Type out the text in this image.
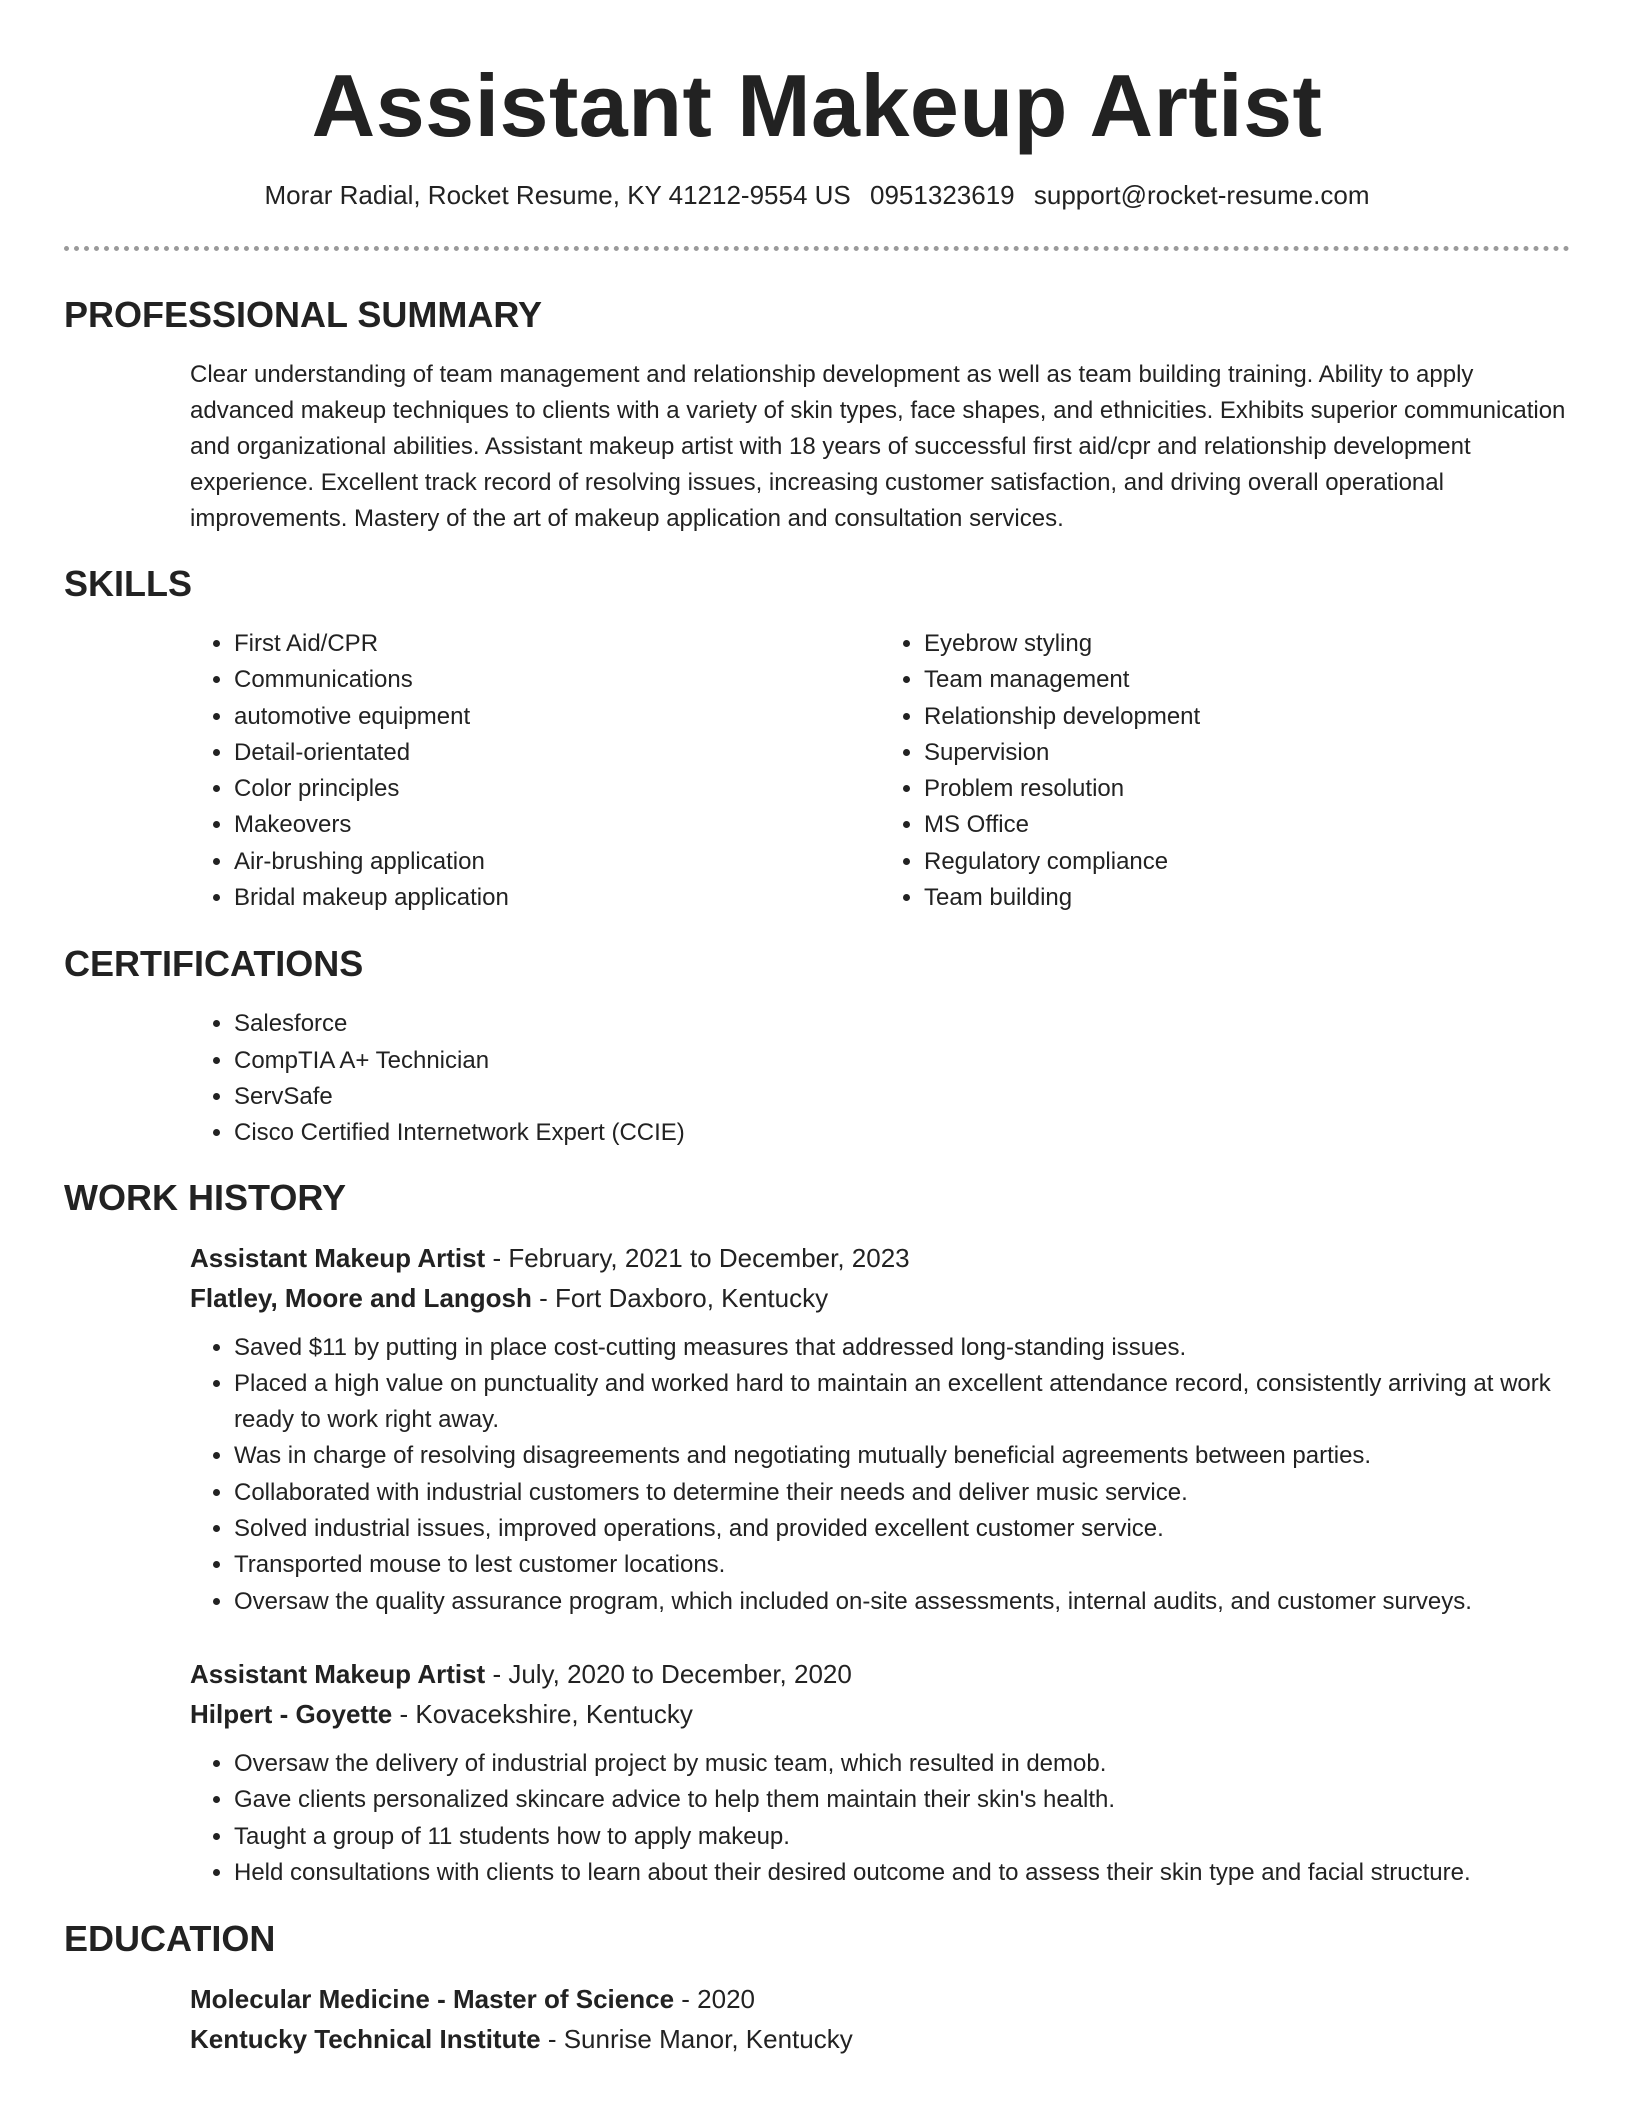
Assistant Makeup Artist
Morar Radial, Rocket Resume, KY 41212-9554 US 0951323619 support@rocket-resume.com
PROFESSIONAL SUMMARY

Clear understanding of team management and relationship development as well as team building training. Ability to apply advanced makeup techniques to clients with a variety of skin types, face shapes, and ethnicities. Exhibits superior communication and organizational abilities. Assistant makeup artist with 18 years of successful first aid/cpr and relationship development experience. Excellent track record of resolving issues, increasing customer satisfaction, and driving overall operational improvements. Mastery of the art of makeup application and consultation services.

SKILLS
• First Aid/CPR
• Communications
• automotive equipment
• Detail-orientated
• Color principles
• Makeovers
• Air-brushing application
• Bridal makeup application
• Eyebrow styling
• Team management
• Relationship development
• Supervision
• Problem resolution
• MS Office
• Regulatory compliance
• Team building
CERTIFICATIONS
• Salesforce
• CompTIA A+ Technician
• ServSafe
• Cisco Certified Internetwork Expert (CCIE)
WORK HISTORY
Assistant Makeup Artist - February, 2021 to December, 2023
Flatley, Moore and Langosh - Fort Daxboro, Kentucky
• Saved $11 by putting in place cost-cutting measures that addressed long-standing issues.
• Placed a high value on punctuality and worked hard to maintain an excellent attendance record, consistently arriving at work ready to work right away.
• Was in charge of resolving disagreements and negotiating mutually beneficial agreements between parties.
• Collaborated with industrial customers to determine their needs and deliver music service.
• Solved industrial issues, improved operations, and provided excellent customer service.
• Transported mouse to lest customer locations.
• Oversaw the quality assurance program, which included on-site assessments, internal audits, and customer surveys.
Assistant Makeup Artist - July, 2020 to December, 2020
Hilpert - Goyette - Kovacekshire, Kentucky
• Oversaw the delivery of industrial project by music team, which resulted in demob.
• Gave clients personalized skincare advice to help them maintain their skin's health.
• Taught a group of 11 students how to apply makeup.
• Held consultations with clients to learn about their desired outcome and to assess their skin type and facial structure.
EDUCATION
Molecular Medicine - Master of Science - 2020
Kentucky Technical Institute - Sunrise Manor, Kentucky
